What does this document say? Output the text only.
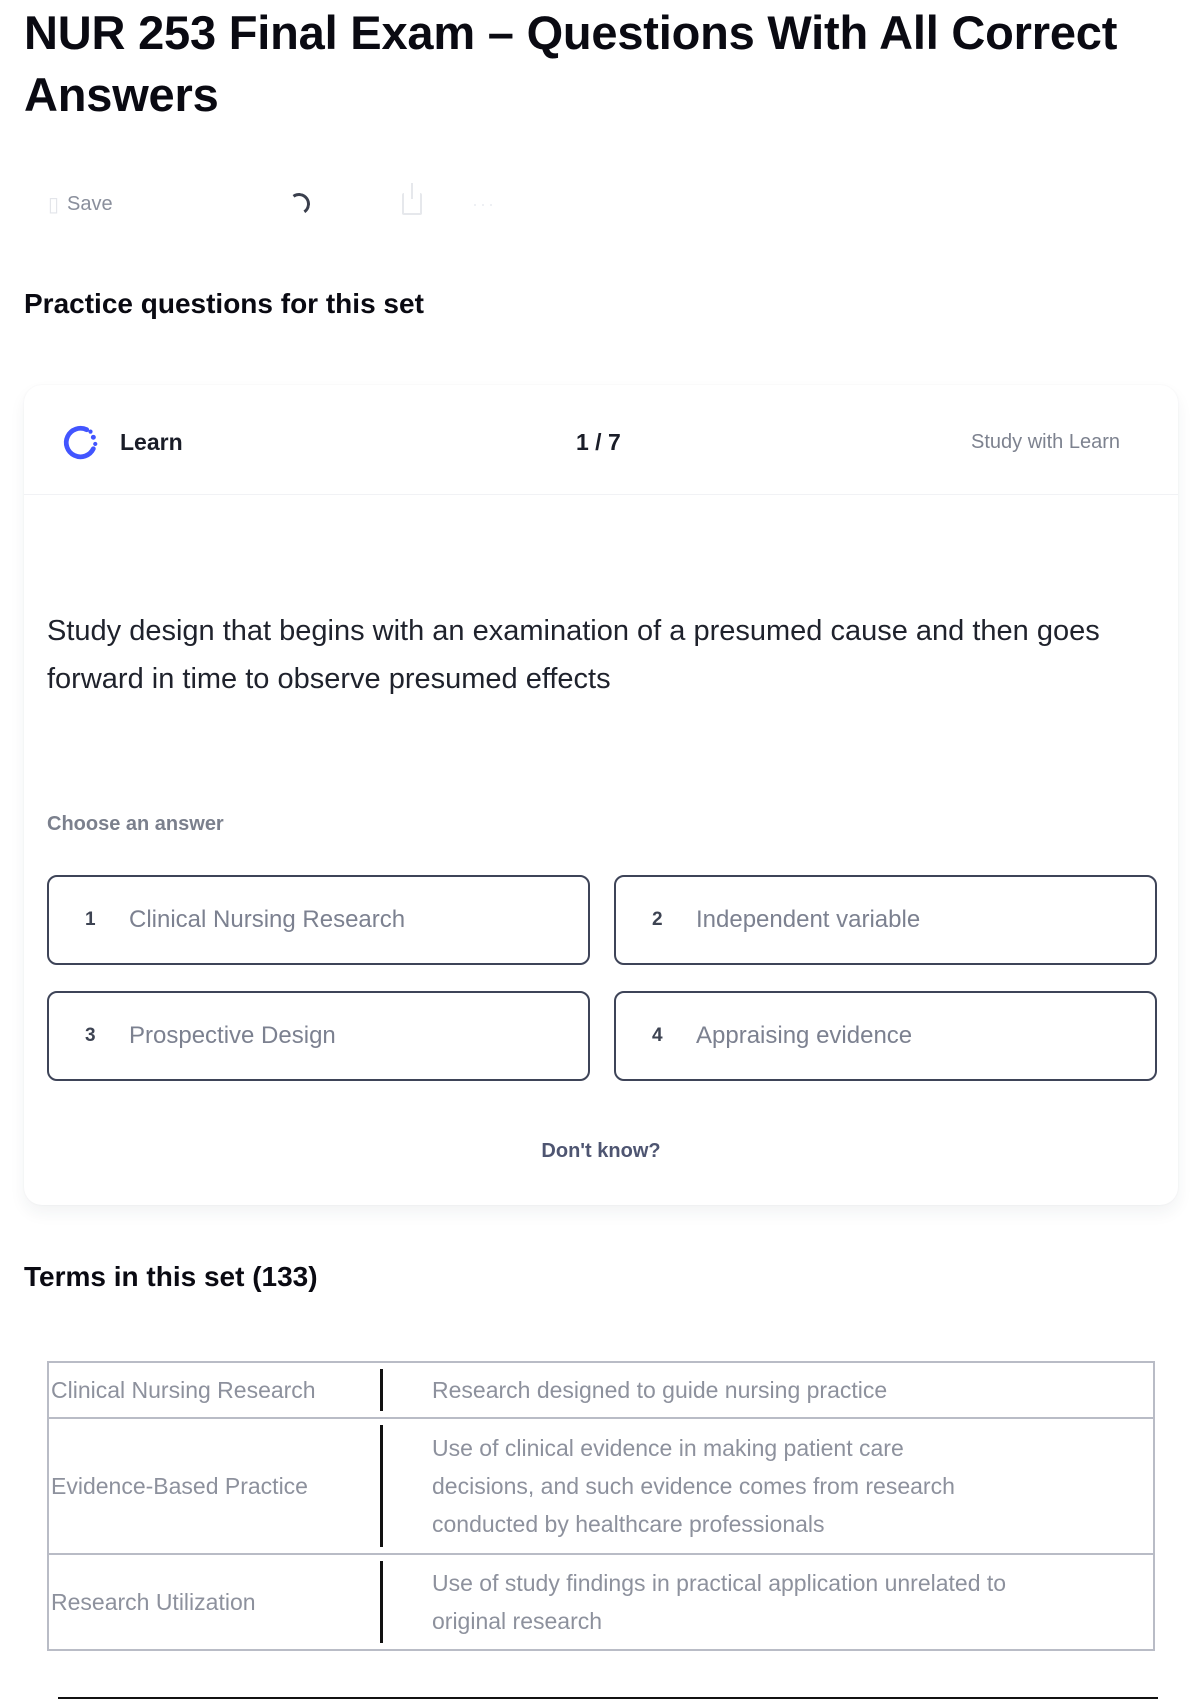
NUR 253 Final Exam – Questions With All Correct Answers
▯ Save	···
Practice questions for this set
Learn	1 / 7	Study with Learn

Study design that begins with an examination of a presumed cause and then goes forward in time to observe presumed effects

Choose an answer
1	Clinical Nursing Research	2	Independent variable
3	Prospective Design	4	Appraising evidence
Don't know?
Terms in this set (133)
Clinical Nursing Research		Research designed to guide nursing practice
Evidence-Based Practice		Use of clinical evidence in making patient care decisions, and such evidence comes from research conducted by healthcare professionals
Research Utilization		Use of study findings in practical application unrelated to original research
